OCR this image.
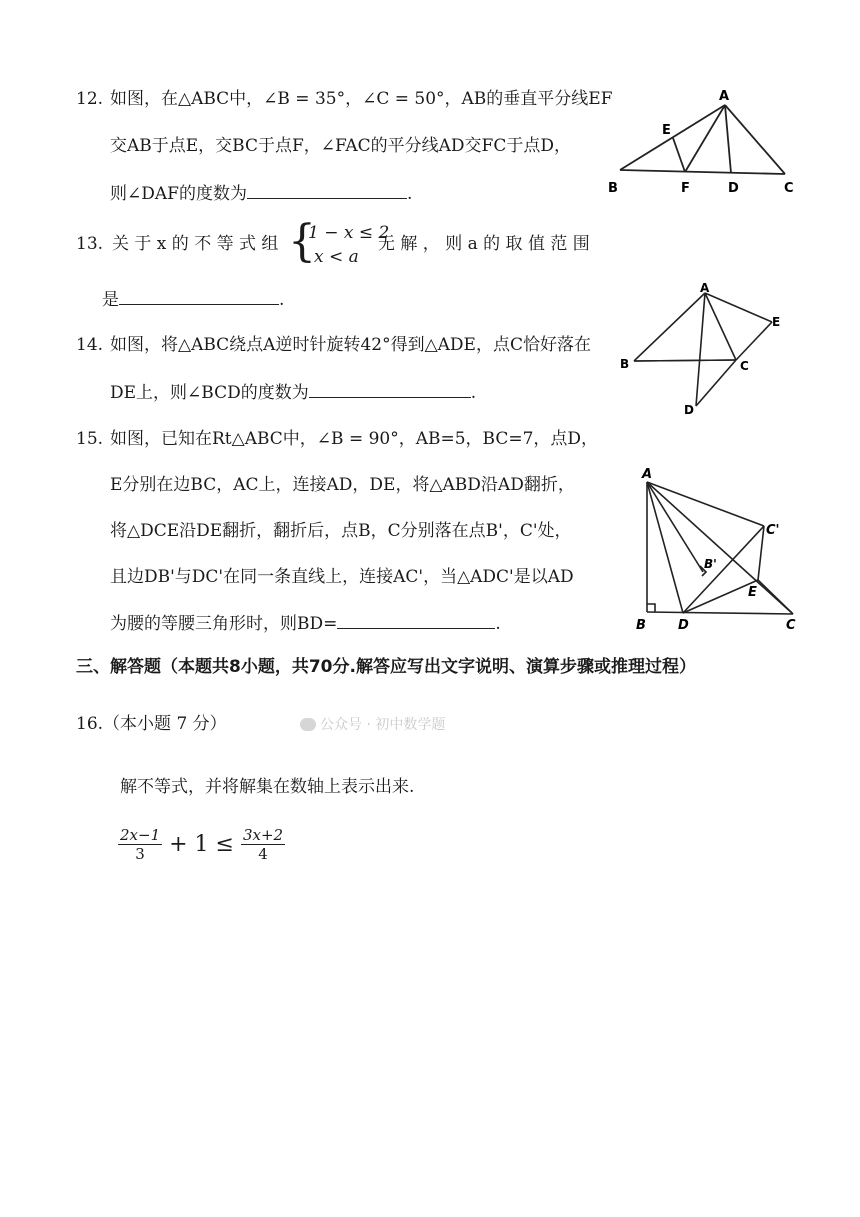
12. 如图，在△ABC中，∠B = 35°，∠C = 50°，AB的垂直平分线EF
交AB于点E，交BC于点F，∠FAC的平分线AD交FC于点D，
则∠DAF的度数为	.
A
E
B	F	D	C
13. 关 于 x 的 不 等 式 组 {
1 − x ≤ 2
x < a
无 解 ， 则 a 的 取 值 范 围
是	.
14. 如图，将△ABC绕点A逆时针旋转42°得到△ADE，点C恰好落在
DE上，则∠BCD的度数为	.
A
E
B	C
D
15. 如图，已知在Rt△ABC中，∠B = 90°，AB=5，BC=7，点D，
E分别在边BC，AC上，连接AD，DE，将△ABD沿AD翻折，
将△DCE沿DE翻折，翻折后，点B，C分别落在点B'，C'处，
且边DB'与DC'在同一条直线上，连接AC'，当△ADC'是以AD
为腰的等腰三角形时，则BD=	.
A
C'
B'
E
B D	C
三、解答题（本题共8小题，共70分.解答应写出文字说明、演算步骤或推理过程）
16.（本小题 7 分）	公众号 · 初中数学题
解不等式，并将解集在数轴上表示出来.
$\frac{2x-1}{3} + 1 \le \frac{3x+2}{4}$
